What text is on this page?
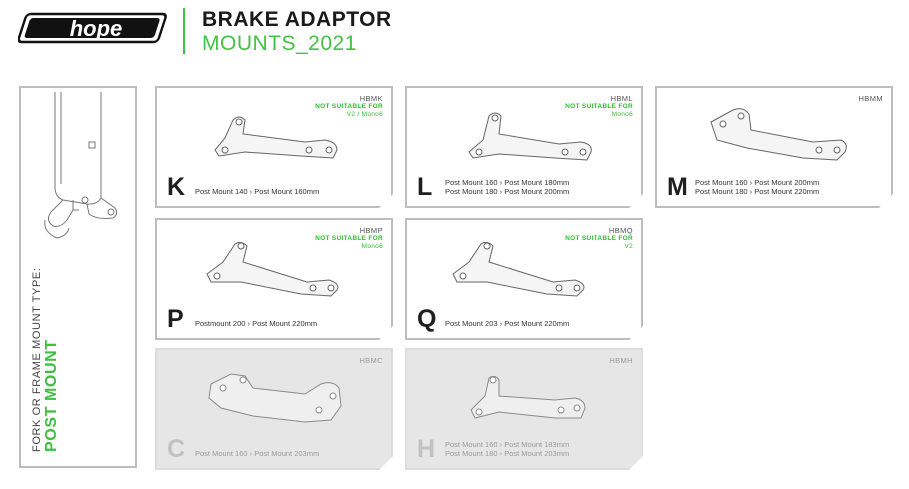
hope	BRAKE ADAPTOR
MOUNTS_2021
FORK OR FRAME MOUNT TYPE: POST MOUNT
HBMK
NOT SUITABLE FOR
V2 / Mono6
K Post Mount 140 › Post Mount 160mm
HBML
NOT SUITABLE FOR
Mono6
L Post Mount 160 › Post Mount 180mm
Post Mount 180 › Post Mount 200mm
HBMM
M Post Mount 160 › Post Mount 200mm
Post Mount 180 › Post Mount 220mm
HBMP
NOT SUITABLE FOR
Mono6
P Postmount 200 › Post Mount 220mm
HBMQ
NOT SUITABLE FOR
V2
Q Post Mount 203 › Post Mount 220mm
HBMC
C Post Mount 160 › Post Mount 203mm
HBMH
H Post Mount 160 › Post Mount 183mm
Post Mount 180 › Post Mount 203mm
